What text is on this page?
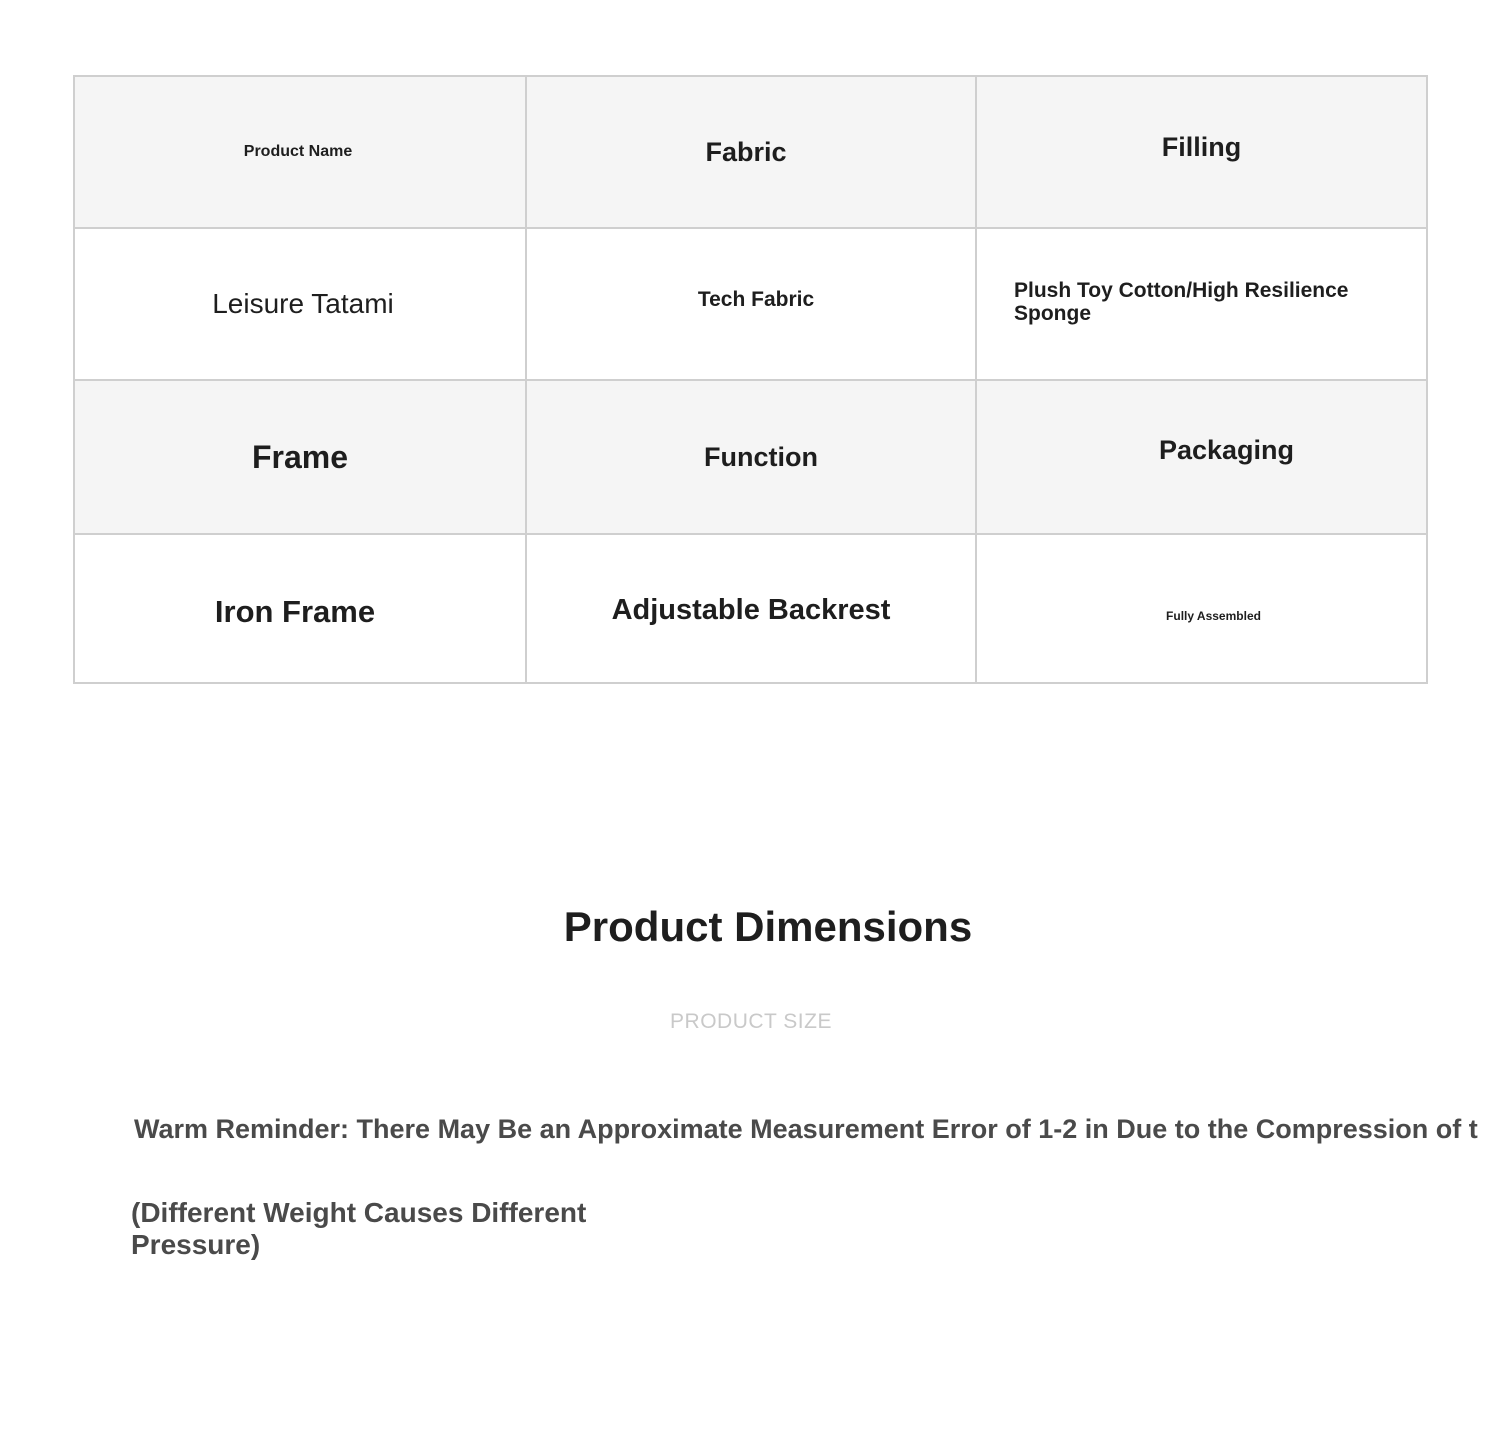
Product Name	Fabric	Filling
Leisure Tatami	Tech Fabric	Plush Toy Cotton/High Resilience Sponge
Frame	Function	Packaging
Iron Frame	Adjustable Backrest	Fully Assembled
Product Dimensions
PRODUCT SIZE
Warm Reminder: There May Be an Approximate Measurement Error of 1-2 in Due to the Compression of t
(Different Weight Causes Different Pressure)
